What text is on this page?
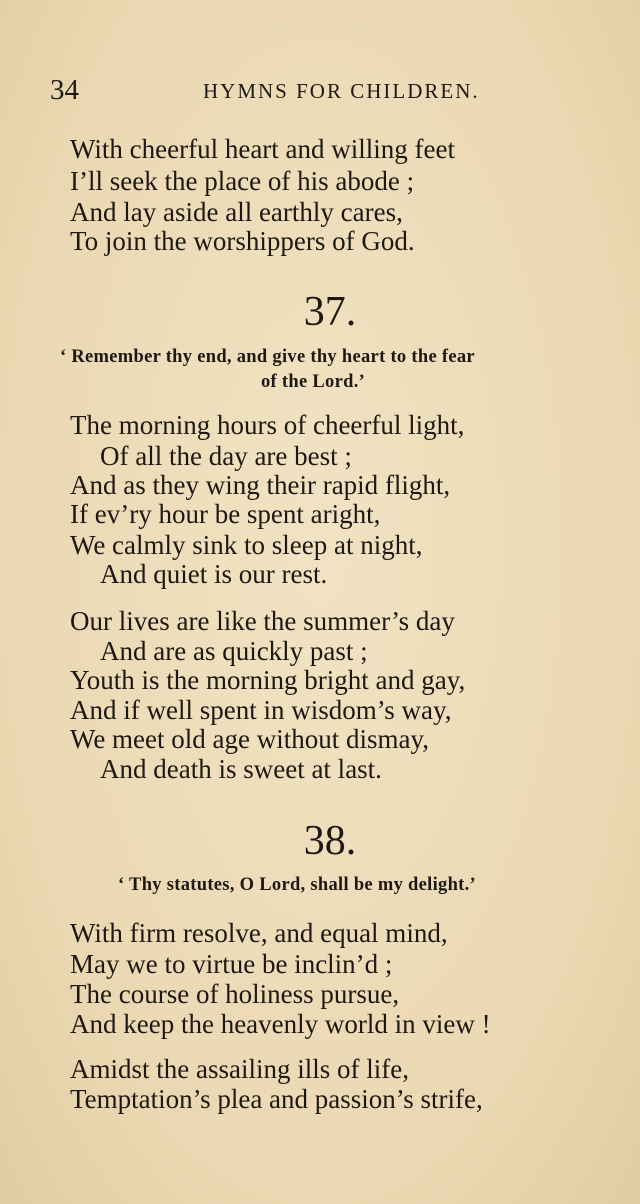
34	HYMNS FOR CHILDREN.
With cheerful heart and willing feet
I’ll seek the place of his abode ;
And lay aside all earthly cares,
To join the worshippers of God.
37.
‘ Remember thy end, and give thy heart to the fear
of the Lord.’
The morning hours of cheerful light,
Of all the day are best ;
And as they wing their rapid flight,
If ev’ry hour be spent aright,
We calmly sink to sleep at night,
And quiet is our rest.
Our lives are like the summer’s day
And are as quickly past ;
Youth is the morning bright and gay,
And if well spent in wisdom’s way,
We meet old age without dismay,
And death is sweet at last.
38.
‘ Thy statutes, O Lord, shall be my delight.’
With firm resolve, and equal mind,
May we to virtue be inclin’d ;
The course of holiness pursue,
And keep the heavenly world in view !
Amidst the assailing ills of life,
Temptation’s plea and passion’s strife,
